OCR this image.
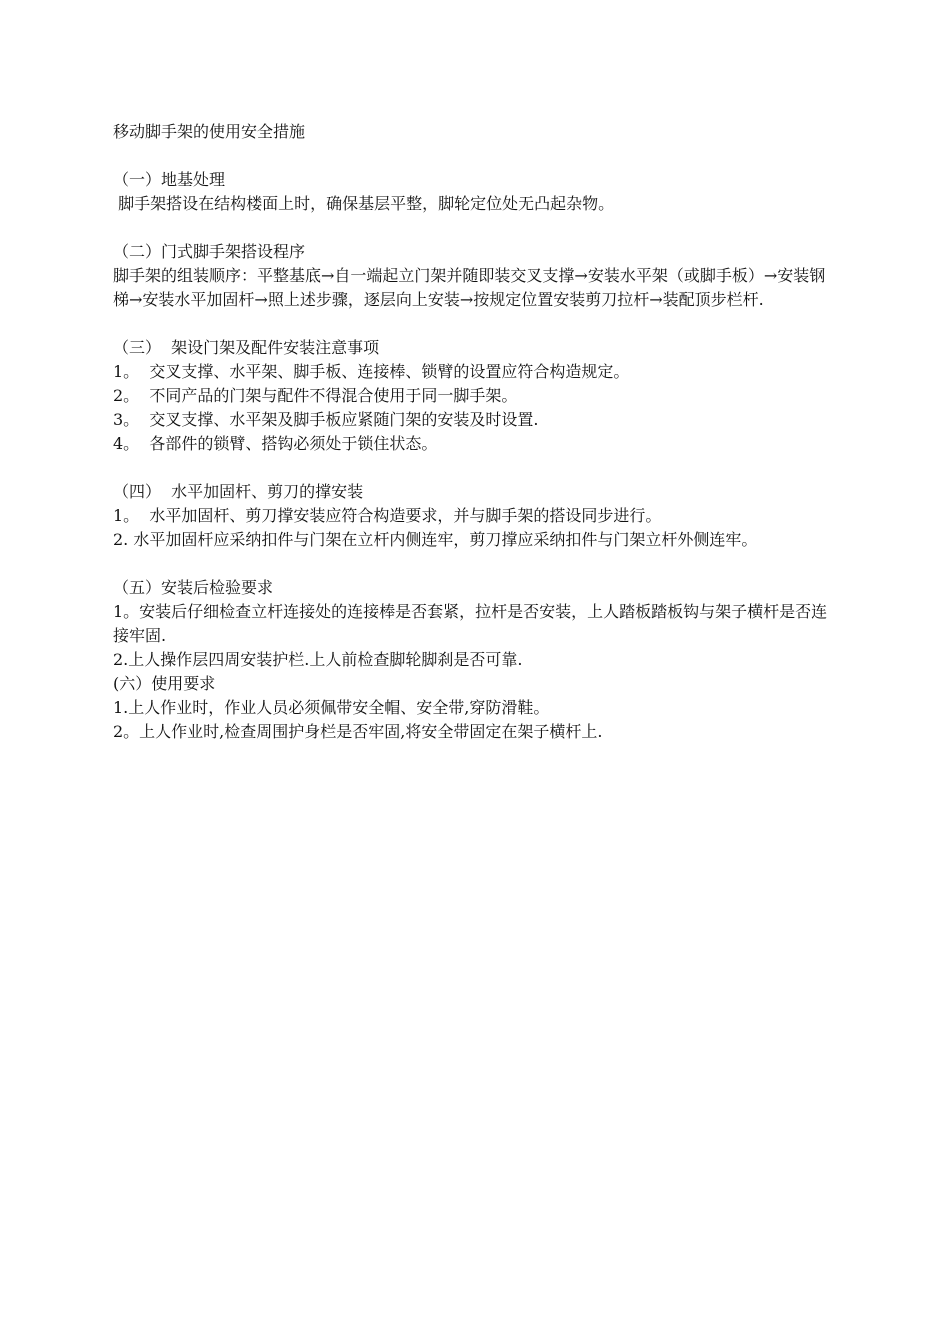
移动脚手架的使用安全措施
（一）地基处理
脚手架搭设在结构楼面上时，确保基层平整，脚轮定位处无凸起杂物。
（二）门式脚手架搭设程序
脚手架的组装顺序：平整基底→自一端起立门架并随即装交叉支撑→安装水平架（或脚手板）→安装钢梯→安装水平加固杆→照上述步骤，逐层向上安装→按规定位置安装剪刀拉杆→装配顶步栏杆.
（三）  架设门架及配件安装注意事项
1。  交叉支撑、水平架、脚手板、连接棒、锁臂的设置应符合构造规定。
2。  不同产品的门架与配件不得混合使用于同一脚手架。
3。  交叉支撑、水平架及脚手板应紧随门架的安装及时设置.
4。  各部件的锁臂、搭钩必须处于锁住状态。
（四）  水平加固杆、剪刀的撑安装
1。  水平加固杆、剪刀撑安装应符合构造要求，并与脚手架的搭设同步进行。
2. 水平加固杆应采纳扣件与门架在立杆内侧连牢，剪刀撑应采纳扣件与门架立杆外侧连牢。
（五）安装后检验要求
1。安装后仔细检查立杆连接处的连接棒是否套紧，拉杆是否安装，上人踏板踏板钩与架子横杆是否连接牢固.
2.上人操作层四周安装护栏.上人前检查脚轮脚刹是否可靠.
(六）使用要求
1.上人作业时，作业人员必须佩带安全帽、安全带,穿防滑鞋。
2。上人作业时,检查周围护身栏是否牢固,将安全带固定在架子横杆上.
